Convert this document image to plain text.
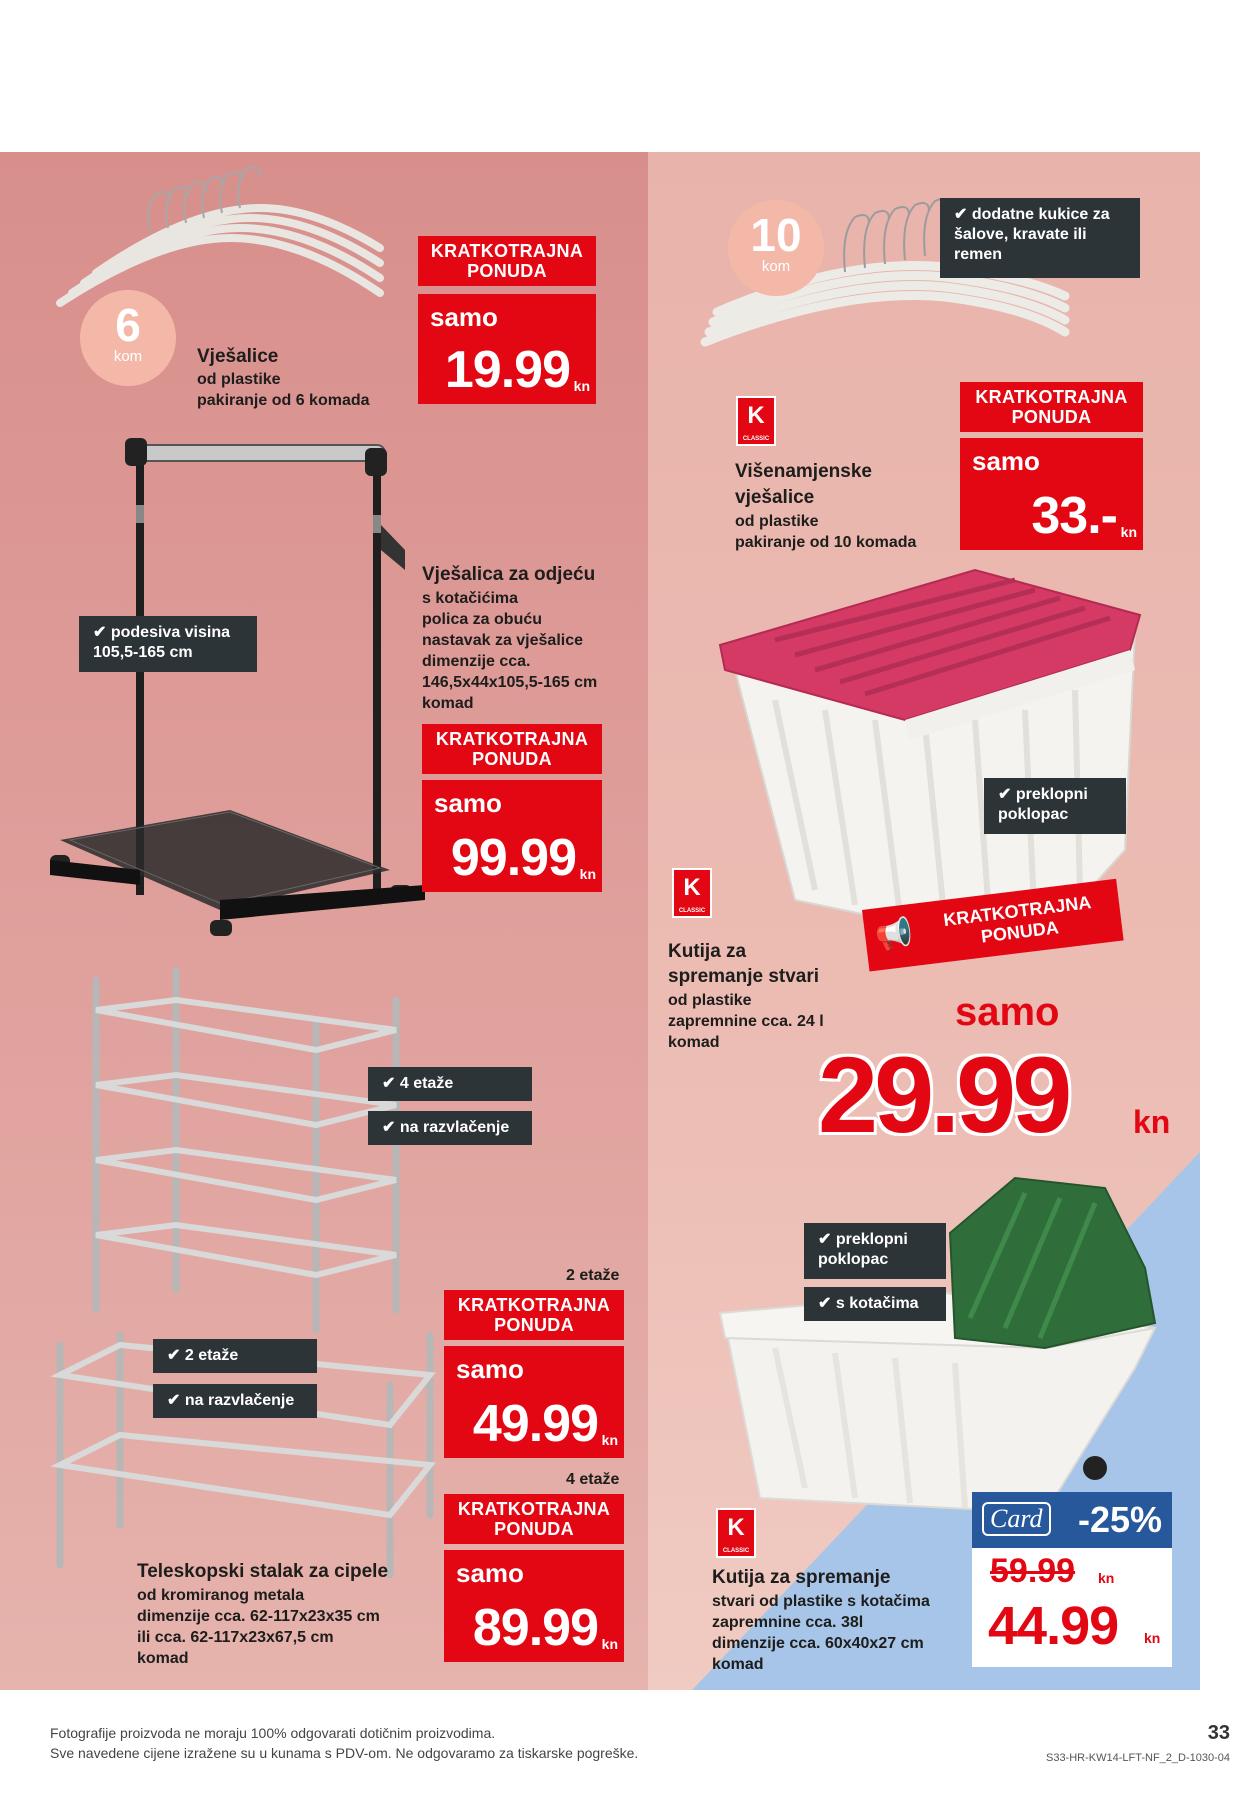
6
kom	Vješalice

od plastike

pakiranje od 6 komada

KRATKOTRAJNA PONUDA
samo
19.99 kn
10
kom
✔ dodatne kukice za šalove, kravate ili remen
K
CLASSIC

Višenamjenske

vješalice

od plastike

pakiranje od 10 komada

KRATKOTRAJNA PONUDA
samo
33.- kn
✔ podesiva visina 105,5-165 cm

Vješalica za odjeću

s kotačićima

polica za obuću

nastavak za vješalice

dimenzije cca.

146,5x44x105,5-165 cm

komad

KRATKOTRAJNA PONUDA
samo
99.99 kn
✔ preklopni poklopac
K
CLASSIC

Kutija za

spremanje stvari

od plastike

zapremnine cca. 24 l

komad

📢
KRATKOTRAJNA PONUDA
samo
29.99 kn
✔ 4 etaže
✔ na razvlačenje
✔ 2 etaže
✔ na razvlačenje

Teleskopski stalak za cipele

od kromiranog metala

dimenzije cca. 62-117x23x35 cm

ili cca. 62-117x23x67,5 cm

komad

2 etaže

KRATKOTRAJNA PONUDA
samo
49.99 kn

4 etaže

KRATKOTRAJNA PONUDA
samo
89.99 kn
✔ preklopni poklopac
✔ s kotačima
K
CLASSIC

Kutija za spremanje

stvari od plastike s kotačima

zapremnine cca. 38l

dimenzije cca. 60x40x27 cm

komad

Card -25%
59.99 kn
44.99 kn
Fotografije proizvoda ne moraju 100% odgovarati dotičnim proizvodima.
Sve navedene cijene izražene su u kunama s PDV-om. Ne odgovaramo za tiskarske pogreške.
33
S33-HR-KW14-LFT-NF_2_D-1030-04
